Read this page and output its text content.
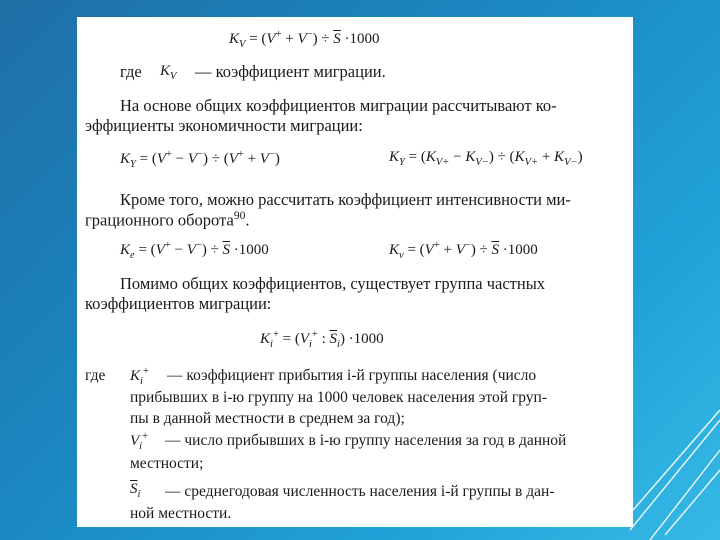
$K_V = (V^+ + V^-) \div \overline{S} \cdot 1000$
где $K_V$ — коэффициент миграции.
На основе общих коэффициентов миграции рассчитывают ко-
эффициенты экономичности миграции:
$K_Y = (V^+ - V^-) \div (V^+ + V^-)$	$K_Y = (K_{V+} - K_{V-}) \div (K_{V+} + K_{V-})$
Кроме того, можно рассчитать коэффициент интенсивности ми-
грационного оборота$^{90}$.
$K_e = (V^+ - V^-) \div \overline{S} \cdot 1000$	$K_v = (V^+ + V^-) \div \overline{S} \cdot 1000$
Помимо общих коэффициентов, существует группа частных
коэффициентов миграции:
$K_i^+ = (V_i^+$ : $\overline{S}_i) \cdot 1000$
где $K_i^+$ — коэффициент прибытия i-й группы населения (число
прибывших в i-ю группу на 1000 человек населения этой груп-
пы в данной местности в среднем за год);
$V_i^+$ — число прибывших в i-ю группу населения за год в данной
местности;
$\overline{S}_i$ — среднегодовая численность населения i-й группы в дан-
ной местности.
